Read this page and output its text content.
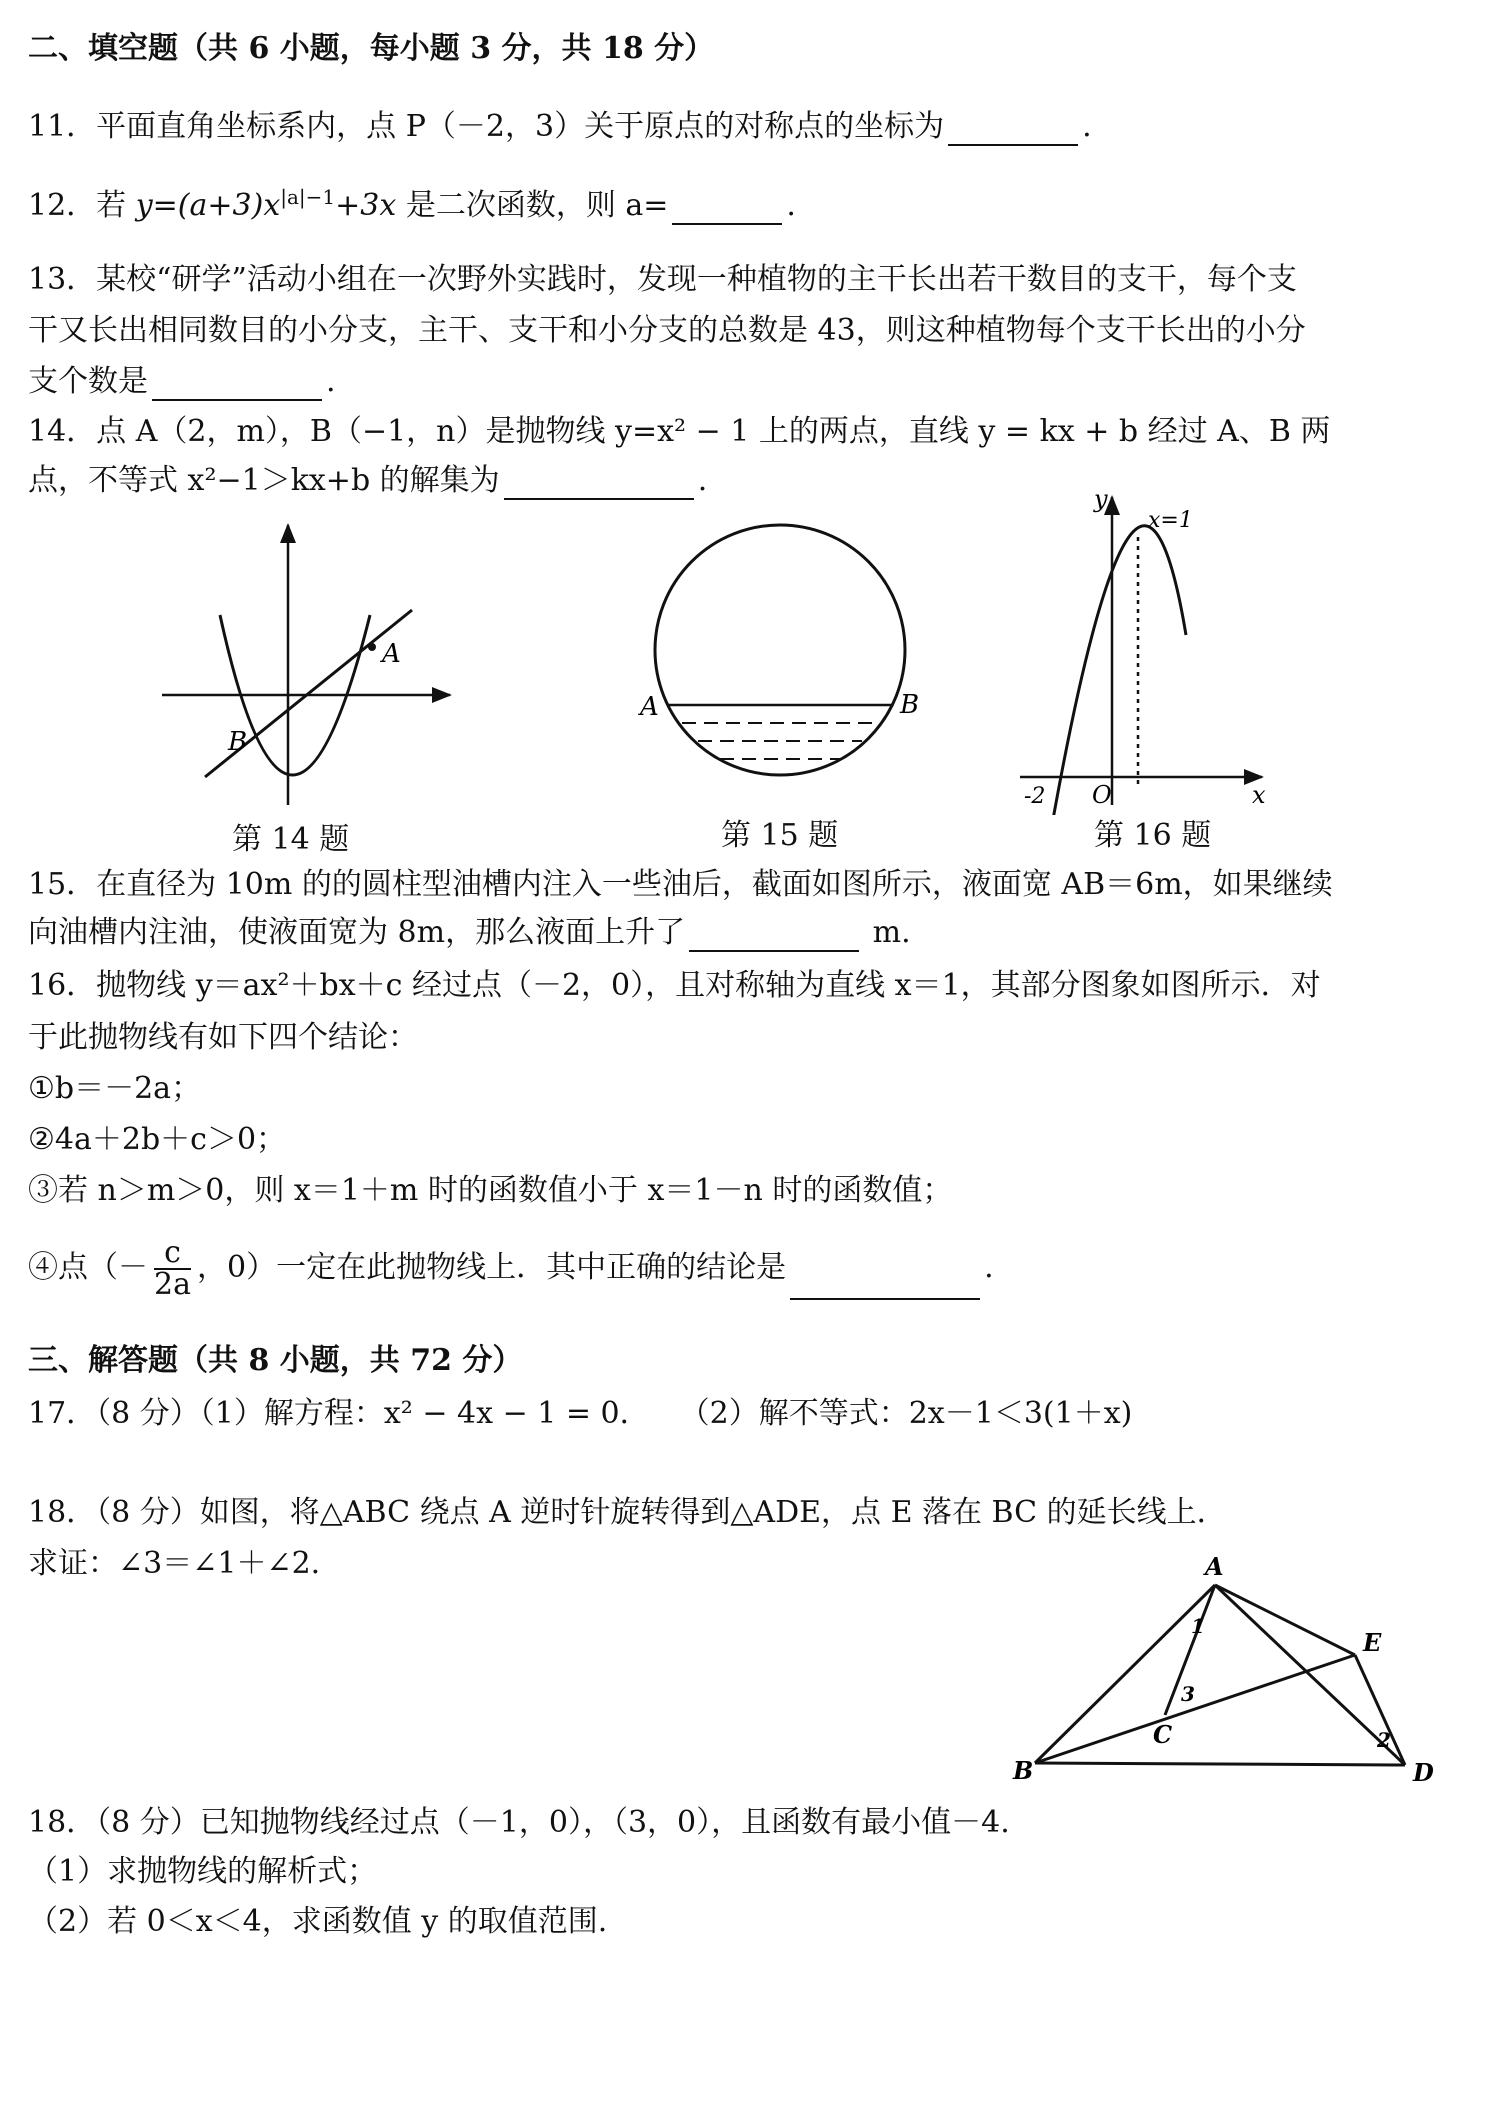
二、填空题（共 6 小题，每小题 3 分，共 18 分）
11．平面直角坐标系内，点 P（－2，3）关于原点的对称点的坐标为	.
12．若 $y=(a+3)x^{|a|-1}+3x$ 是二次函数，则 a=	.
13．某校“研学”活动小组在一次野外实践时，发现一种植物的主干长出若干数目的支干，每个支
干又长出相同数目的小分支，主干、支干和小分支的总数是 43，则这种植物每个支干长出的小分
支个数是	.
14．点 A（2，m），B（−1，n）是抛物线 y=x² − 1 上的两点，直线 y = kx + b 经过 A、B 两
点，不等式 x²−1＞kx+b 的解集为	.
A
B
A	B
y
x=1
x
O
-2
第 14 题	第 15 题	第 16 题
15．在直径为 10m 的的圆柱型油槽内注入一些油后，截面如图所示，液面宽 AB＝6m，如果继续
向油槽内注油，使液面宽为 8m，那么液面上升了	m.
16．抛物线 y＝ax²＋bx＋c 经过点（－2，0），且对称轴为直线 x＝1，其部分图象如图所示．对
于此抛物线有如下四个结论：
①b＝－2a；
②4a＋2b＋c＞0；
③若 n＞m＞0，则 x＝1＋m 时的函数值小于 x＝1－n 时的函数值；
④点（－ $\frac{c}{2a}$ ，0）一定在此抛物线上．其中正确的结论是	.
三、解答题（共 8 小题，共 72 分）
17．（8 分）（1）解方程：x² − 4x − 1 = 0．　　（2）解不等式：2x－1＜3(1＋x)
18．（8 分）如图，将△ABC 绕点 A 逆时针旋转得到△ADE，点 E 落在 BC 的延长线上．
求证：∠3＝∠1＋∠2.	A
B
C
D
E
1
2
3
18．（8 分）已知抛物线经过点（－1，0），（3，0），且函数有最小值－4.
（1）求抛物线的解析式；
（2）若 0＜x＜4，求函数值 y 的取值范围.
